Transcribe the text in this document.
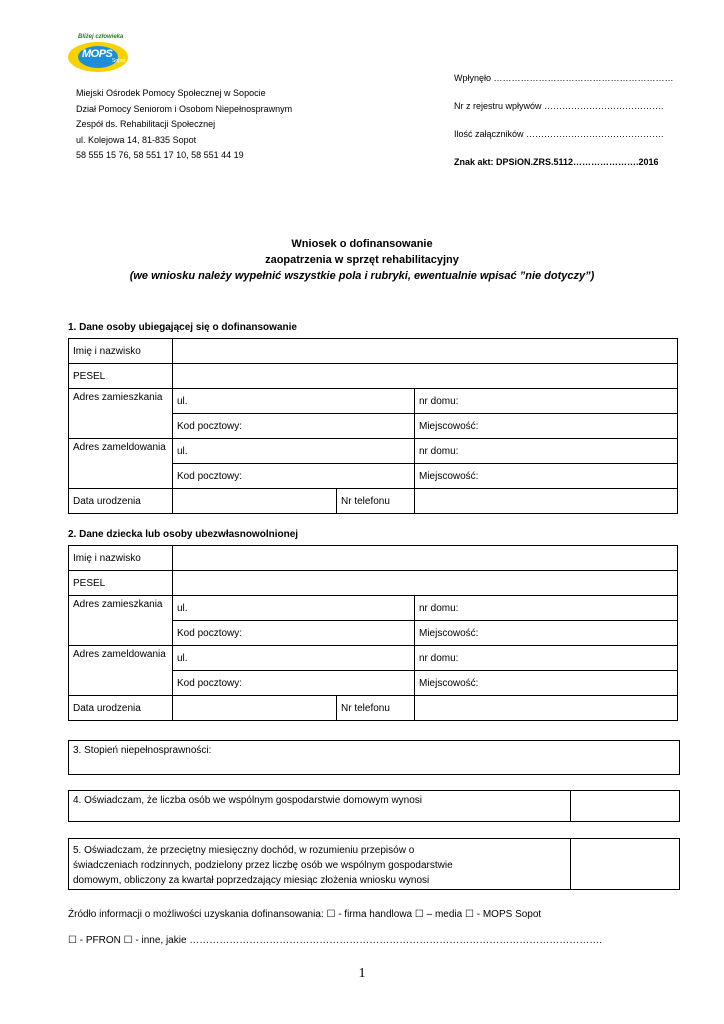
Bliżej człowieka
MOPS
Sopot
Miejski Ośrodek Pomocy Społecznej w Sopocie
Dział Pomocy Seniorom i Osobom Niepełnosprawnym
Zespół ds. Rehabilitacji Społecznej
ul. Kolejowa 14, 81-835 Sopot
58 555 15 76, 58 551 17 10, 58 551 44 19
Wpłynęło ……………………………………………………
Nr z rejestru wpływów ………………………………….
Ilość załączników ……………………………………….
Znak akt: DPSiON.ZRS.5112………………….2016
Wniosek o dofinansowanie
zaopatrzenia w sprzęt rehabilitacyjny
(we wniosku należy wypełnić wszystkie pola i rubryki, ewentualnie wpisać ”nie dotyczy”)
1. Dane osoby ubiegającej się o dofinansowanie
Imię i nazwisko			
PESEL			
Adres zamieszkania	ul.		nr domu:
	Kod pocztowy:		Miejscowość:
Adres zameldowania	ul.		nr domu:
	Kod pocztowy:		Miejscowość:
Data urodzenia		Nr telefonu	
2. Dane dziecka lub osoby ubezwłasnowolnionej
Imię i nazwisko			
PESEL			
Adres zamieszkania	ul.		nr domu:
	Kod pocztowy:		Miejscowość:
Adres zameldowania	ul.		nr domu:
	Kod pocztowy:		Miejscowość:
Data urodzenia		Nr telefonu	
3. Stopień niepełnosprawności:
4. Oświadczam, że liczba osób we wspólnym gospodarstwie domowym wynosi
5. Oświadczam, że przeciętny miesięczny dochód, w rozumieniu przepisów o
świadczeniach rodzinnych, podzielony przez liczbę osób we wspólnym gospodarstwie
domowym, obliczony za kwartał poprzedzający miesiąc złożenia wniosku wynosi
Źródło informacji o możliwości uzyskania dofinansowania: ☐ - firma handlowa ☐ – media ☐ - MOPS Sopot
☐ - PFRON ☐ - inne, jakie …………………………………………………………………………………………………………….
1
